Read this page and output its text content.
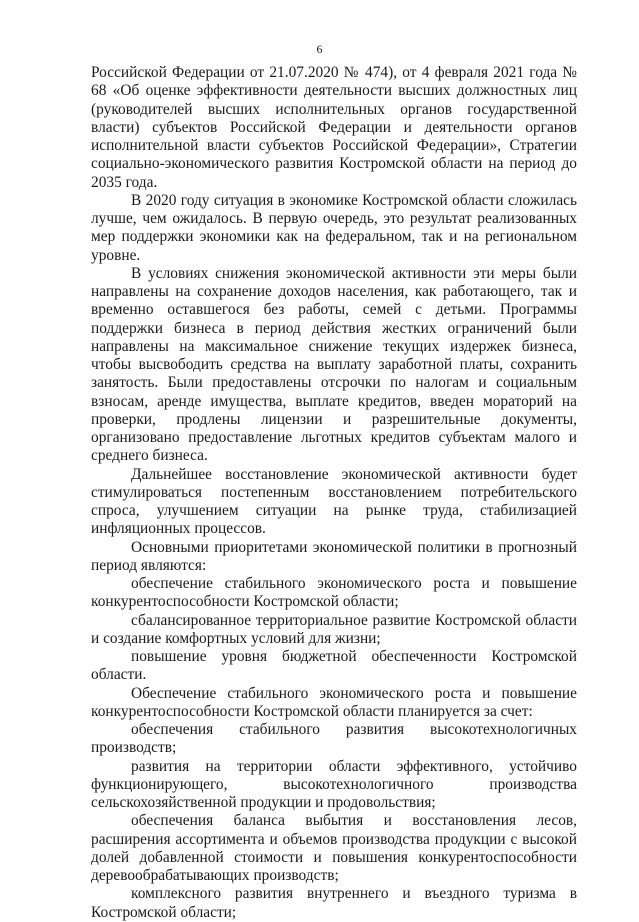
6

Российской Федерации от 21.07.2020 № 474), от 4 февраля 2021 года № 68 «Об оценке эффективности деятельности высших должностных лиц (руководителей высших исполнительных органов государственной власти) субъектов Российской Федерации и деятельности органов исполнительной власти субъектов Российской Федерации», Стратегии социально-экономического развития Костромской области на период до 2035 года.

В 2020 году ситуация в экономике Костромской области сложилась лучше, чем ожидалось. В первую очередь, это результат реализованных мер поддержки экономики как на федеральном, так и на региональном уровне.

В условиях снижения экономической активности эти меры были направлены на сохранение доходов населения, как работающего, так и временно оставшегося без работы, семей с детьми. Программы поддержки бизнеса в период действия жестких ограничений были направлены на максимальное снижение текущих издержек бизнеса, чтобы высвободить средства на выплату заработной платы, сохранить занятость. Были предоставлены отсрочки по налогам и социальным взносам, аренде имущества, выплате кредитов, введен мораторий на проверки, продлены лицензии и разрешительные документы, организовано предоставление льготных кредитов субъектам малого и среднего бизнеса.

Дальнейшее восстановление экономической активности будет стимулироваться постепенным восстановлением потребительского спроса, улучшением ситуации на рынке труда, стабилизацией инфляционных процессов.

Основными приоритетами экономической политики в прогнозный период являются:

обеспечение стабильного экономического роста и повышение конкурентоспособности Костромской области;

сбалансированное территориальное развитие Костромской области и создание комфортных условий для жизни;

повышение уровня бюджетной обеспеченности Костромской области.

Обеспечение стабильного экономического роста и повышение конкурентоспособности Костромской области планируется за счет:

обеспечения стабильного развития высокотехнологичных производств;

развития на территории области эффективного, устойчиво функционирующего, высокотехнологичного производства сельскохозяйственной продукции и продовольствия;

обеспечения баланса выбытия и восстановления лесов, расширения ассортимента и объемов производства продукции с высокой долей добавленной стоимости и повышения конкурентоспособности деревообрабатывающих производств;

комплексного развития внутреннего и въездного туризма в Костромской области;
